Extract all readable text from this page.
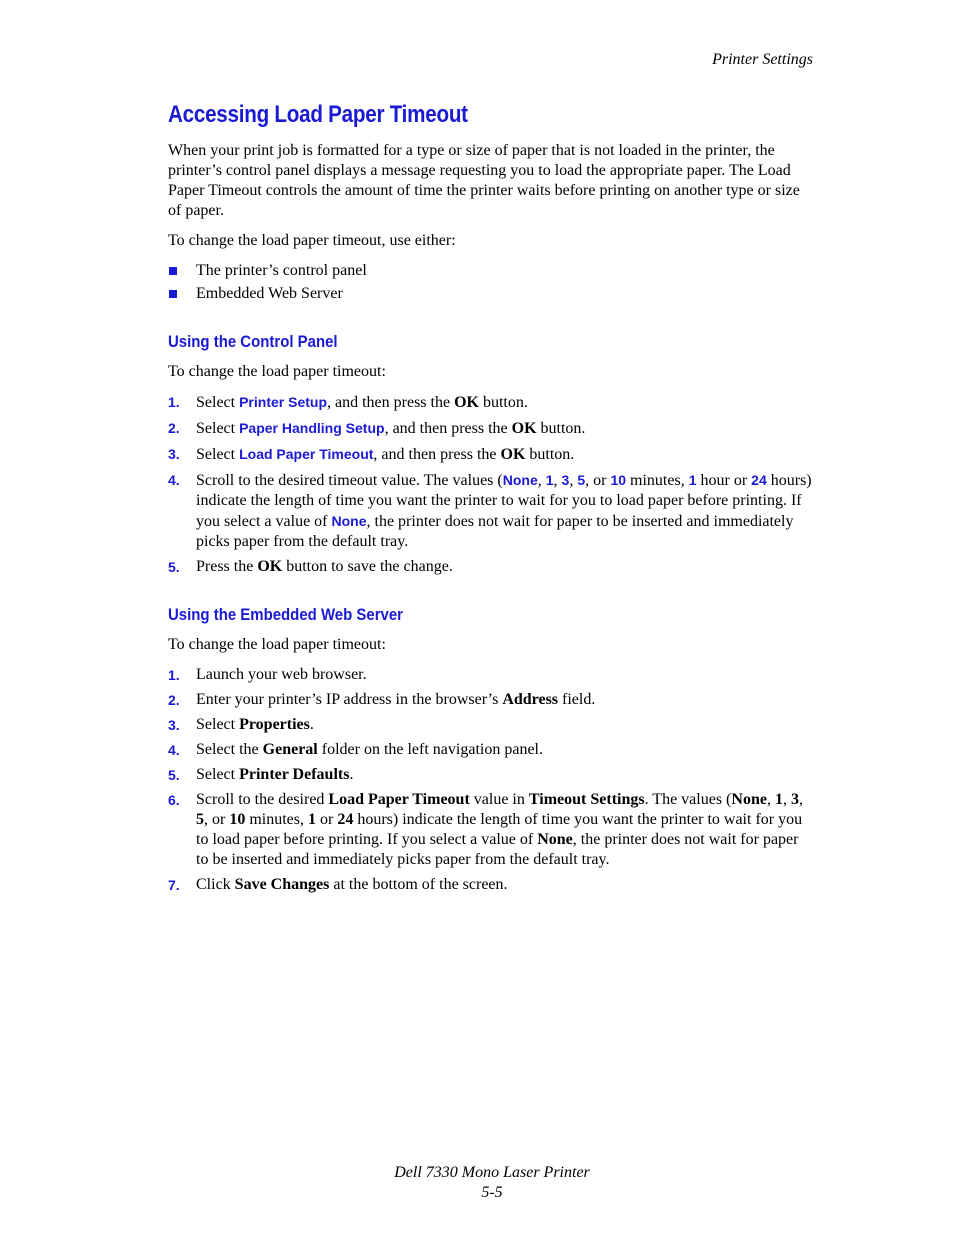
Printer Settings
Accessing Load Paper Timeout

When your print job is formatted for a type or size of paper that is not loaded in the printer, the printer’s control panel displays a message requesting you to load the appropriate paper. The Load Paper Timeout controls the amount of time the printer waits before printing on another type or size of paper.

To change the load paper timeout, use either:

The printer’s control panel
Embedded Web Server
Using the Control Panel

To change the load paper timeout:

1. Select Printer Setup, and then press the OK button.
2. Select Paper Handling Setup, and then press the OK button.
3. Select Load Paper Timeout, and then press the OK button.
4. Scroll to the desired timeout value. The values (None, 1, 3, 5, or 10 minutes, 1 hour or 24 hours) indicate the length of time you want the printer to wait for you to load paper before printing. If you select a value of None, the printer does not wait for paper to be inserted and immediately picks paper from the default tray.
5. Press the OK button to save the change.
Using the Embedded Web Server

To change the load paper timeout:

1. Launch your web browser.
2. Enter your printer’s IP address in the browser’s Address field.
3. Select Properties.
4. Select the General folder on the left navigation panel.
5. Select Printer Defaults.
6. Scroll to the desired Load Paper Timeout value in Timeout Settings. The values (None, 1, 3, 5, or 10 minutes, 1 or 24 hours) indicate the length of time you want the printer to wait for you to load paper before printing. If you select a value of None, the printer does not wait for paper to be inserted and immediately picks paper from the default tray.
7. Click Save Changes at the bottom of the screen.
Dell 7330 Mono Laser Printer
5-5
